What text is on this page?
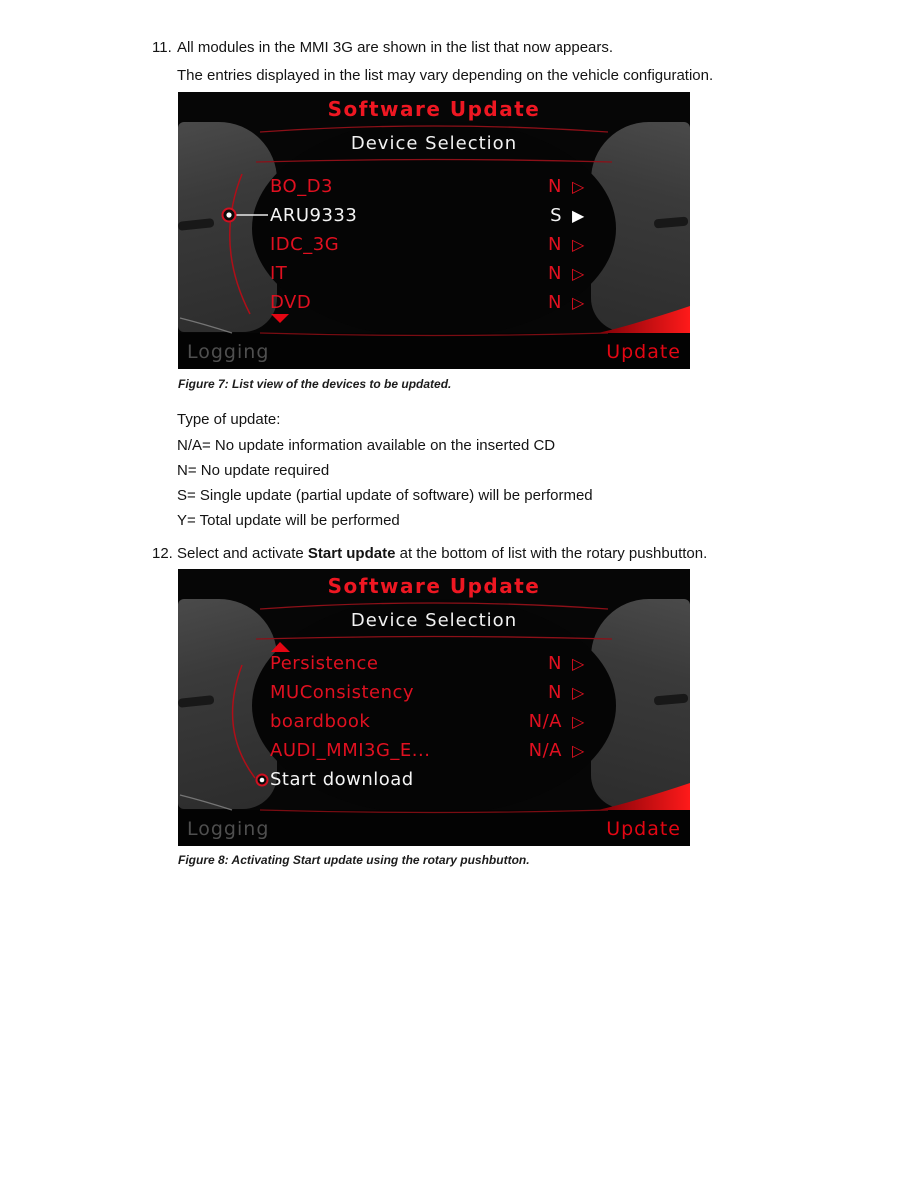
11. All modules in the MMI 3G are shown in the list that now appears.
The entries displayed in the list may vary depending on the vehicle configuration.
Software Update
Device Selection
BO_D3	N ▷
ARU9333	S ▶
IDC_3G	N ▷
IT	N ▷
DVD	N ▷
Logging	Update
Figure 7: List view of the devices to be updated.
Type of update:
N/A= No update information available on the inserted CD
N= No update required
S= Single update (partial update of software) will be performed
Y= Total update will be performed
12. Select and activate Start update at the bottom of list with the rotary pushbutton.
Software Update
Device Selection
Persistence	N ▷
MUConsistency	N ▷
boardbook	N/A ▷
AUDI_MMI3G_E...	N/A ▷
Start download
Logging	Update
Figure 8: Activating Start update using the rotary pushbutton.
